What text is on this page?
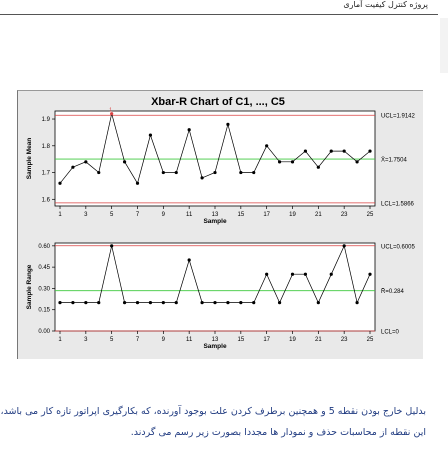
پروژه کنترل کیفیت آماری
Xbar-R Chart of C1, ..., C5
UCL=1.9142
X̄=1.7504
LCL=1.5866
1.6
1.7
1.8
1.9
1	3	5	7	9	11	13	15	17	19	21	23	25
Sample
Sample Mean
1
UCL=0.6005
R̄=0.284
LCL=0
0.00
0.15
0.30
0.45
0.60
1	3	5	7	9	11	13	15	17	19	21	23	25
Sample
Sample Range
بدلیل خارج بودن نقطه 5 و همچنین برطرف کردن علت بوجود آورنده، که بکارگیری اپراتور تازه کار می باشد،
این نقطه از محاسبات حذف و نمودار ها مجددا بصورت زیر رسم می گردند.
